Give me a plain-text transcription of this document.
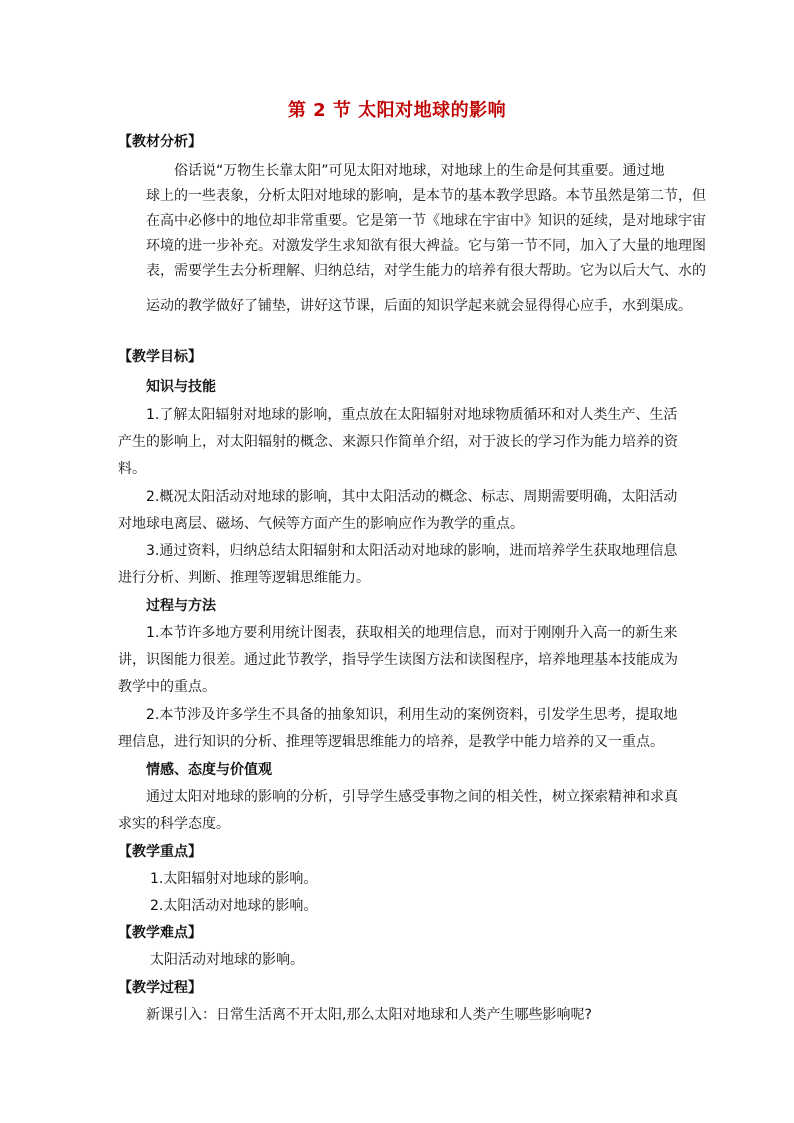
第 2 节 太阳对地球的影响
【教材分析】
俗话说“万物生长靠太阳”可见太阳对地球，对地球上的生命是何其重要。通过地
球上的一些表象，分析太阳对地球的影响，是本节的基本教学思路。本节虽然是第二节，但
在高中必修中的地位却非常重要。它是第一节《地球在宇宙中》知识的延续，是对地球宇宙
环境的进一步补充。对激发学生求知欲有很大裨益。它与第一节不同，加入了大量的地理图
表，需要学生去分析理解、归纳总结，对学生能力的培养有很大帮助。它为以后大气、水的
运动的教学做好了铺垫，讲好这节课，后面的知识学起来就会显得得心应手，水到渠成。
【教学目标】
知识与技能
1.了解太阳辐射对地球的影响，重点放在太阳辐射对地球物质循环和对人类生产、生活
产生的影响上，对太阳辐射的概念、来源只作简单介绍，对于波长的学习作为能力培养的资
料。
2.概况太阳活动对地球的影响，其中太阳活动的概念、标志、周期需要明确，太阳活动
对地球电离层、磁场、气候等方面产生的影响应作为教学的重点。
3.通过资料，归纳总结太阳辐射和太阳活动对地球的影响，进而培养学生获取地理信息
进行分析、判断、推理等逻辑思维能力。
过程与方法
1.本节许多地方要利用统计图表，获取相关的地理信息，而对于刚刚升入高一的新生来
讲，识图能力很差。通过此节教学，指导学生读图方法和读图程序，培养地理基本技能成为
教学中的重点。
2.本节涉及许多学生不具备的抽象知识，利用生动的案例资料，引发学生思考，提取地
理信息，进行知识的分析、推理等逻辑思维能力的培养，是教学中能力培养的又一重点。
情感、态度与价值观
通过太阳对地球的影响的分析，引导学生感受事物之间的相关性，树立探索精神和求真
求实的科学态度。
【教学重点】
1.太阳辐射对地球的影响。
2.太阳活动对地球的影响。
【教学难点】
太阳活动对地球的影响。
【教学过程】
新课引入：日常生活离不开太阳,那么太阳对地球和人类产生哪些影响呢?
